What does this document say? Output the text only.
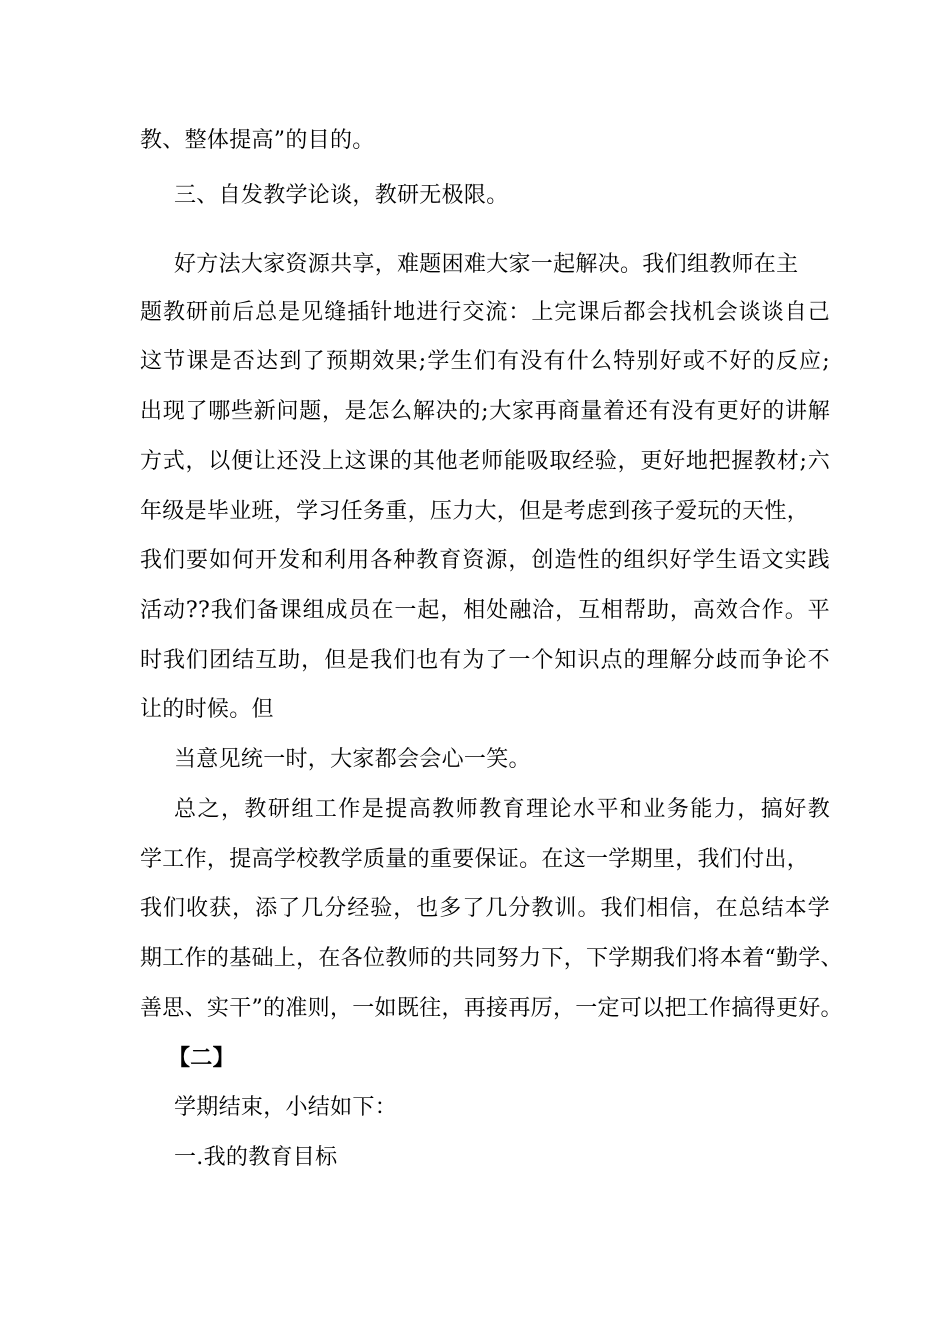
教、整体提高”的目的。
三、自发教学论谈，教研无极限。
好方法大家资源共享，难题困难大家一起解决。我们组教师在主
题教研前后总是见缝插针地进行交流：上完课后都会找机会谈谈自己
这节课是否达到了预期效果;学生们有没有什么特别好或不好的反应;
出现了哪些新问题，是怎么解决的;大家再商量着还有没有更好的讲解
方式，以便让还没上这课的其他老师能吸取经验，更好地把握教材;六
年级是毕业班，学习任务重，压力大，但是考虑到孩子爱玩的天性，
我们要如何开发和利用各种教育资源，创造性的组织好学生语文实践
活动??我们备课组成员在一起，相处融洽，互相帮助，高效合作。平
时我们团结互助，但是我们也有为了一个知识点的理解分歧而争论不
让的时候。但
当意见统一时，大家都会会心一笑。
总之，教研组工作是提高教师教育理论水平和业务能力，搞好教
学工作，提高学校教学质量的重要保证。在这一学期里，我们付出，
我们收获，添了几分经验，也多了几分教训。我们相信，在总结本学
期工作的基础上，在各位教师的共同努力下，下学期我们将本着“勤学、
善思、实干”的准则，一如既往，再接再厉，一定可以把工作搞得更好。
【二】
学期结束，小结如下：
一.我的教育目标
